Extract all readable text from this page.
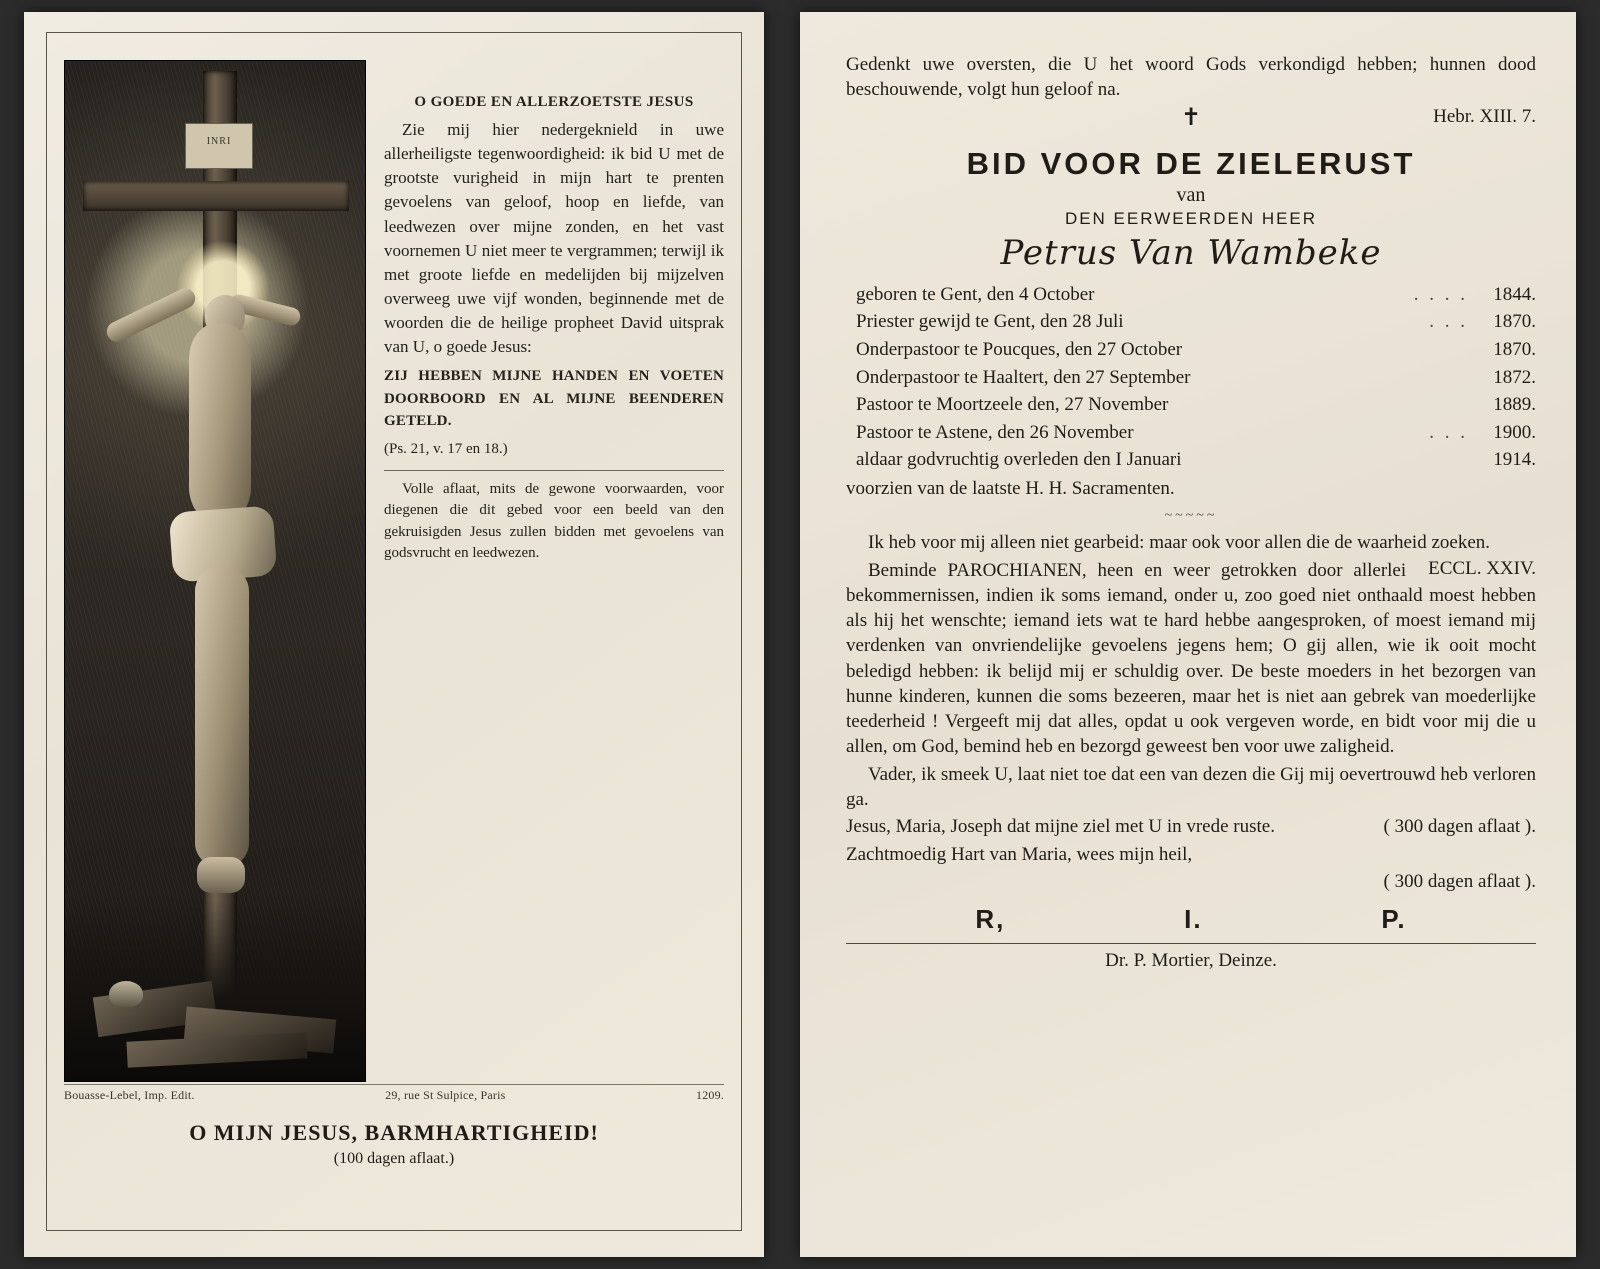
INRI
O GOEDE EN ALLERZOETSTE JESUS

Zie mij hier nedergeknield in uwe allerheiligste tegenwoordigheid: ik bid U met de grootste vurigheid in mijn hart te prenten gevoelens van geloof, hoop en liefde, van leedwezen over mijne zonden, en het vast voornemen U niet meer te vergrammen; terwijl ik met groote liefde en medelijden bij mijzelven overweeg uwe vijf wonden, beginnende met de woorden die de heilige propheet David uitsprak van U, o goede Jesus:

ZIJ HEBBEN MIJNE HANDEN EN VOETEN DOORBOORD EN AL MIJNE BEENDEREN GETELD.

(Ps. 21, v. 17 en 18.)

Volle aflaat, mits de gewone voorwaarden, voor diegenen die dit gebed voor een beeld van den gekruisigden Jesus zullen bidden met gevoelens van godsvrucht en leedwezen.

Bouasse-Lebel, Imp. Edit.	29, rue St Sulpice, Paris	1209.
O MIJN JESUS, BARMHARTIGHEID!
(100 dagen aflaat.)
Gedenkt uwe oversten, die U het woord Gods verkondigd hebben; hunnen dood beschouwende, volgt hun geloof na.
✝	Hebr. XIII. 7.
BID VOOR DE ZIELERUST
van
DEN EERWEERDEN HEER
Petrus Van Wambeke
geboren te Gent, den 4 October	. . . .	1844.
Priester gewijd te Gent, den 28 Juli	. . .	1870.
Onderpastoor te Poucques, den 27 October	1870.
Onderpastoor te Haaltert, den 27 September	1872.
Pastoor te Moortzeele den, 27 November	1889.
Pastoor te Astene, den 26 November	. . .	1900.
aldaar godvruchtig overleden den I Januari	1914.
voorzien van de laatste H. H. Sacramenten.
~~~~~

Ik heb voor mij alleen niet gearbeid: maar ook voor allen die de waarheid zoeken.
ECCL. XXIV.

Beminde PAROCHIANEN, heen en weer getrokken door allerlei bekommernissen, indien ik soms iemand, onder u, zoo goed niet onthaald moest hebben als hij het wenschte; iemand iets wat te hard hebbe aangesproken, of moest iemand mij verdenken van onvriendelijke gevoelens jegens hem; O gij allen, wie ik ooit mocht beledigd hebben: ik belijd mij er schuldig over. De beste moeders in het bezorgen van hunne kinderen, kunnen die soms bezeeren, maar het is niet aan gebrek van moederlijke teederheid ! Vergeeft mij dat alles, opdat u ook vergeven worde, en bidt voor mij die u allen, om God, bemind heb en bezorgd geweest ben voor uwe zaligheid.

Vader, ik smeek U, laat niet toe dat een van dezen die Gij mij oevertrouwd heb verloren ga.

Jesus, Maria, Joseph dat mijne ziel met U in vrede ruste.	( 300 dagen aflaat ).

Zachtmoedig Hart van Maria, wees mijn heil,

( 300 dagen aflaat ).

R,	I.	P.
Dr. P. Mortier, Deinze.
